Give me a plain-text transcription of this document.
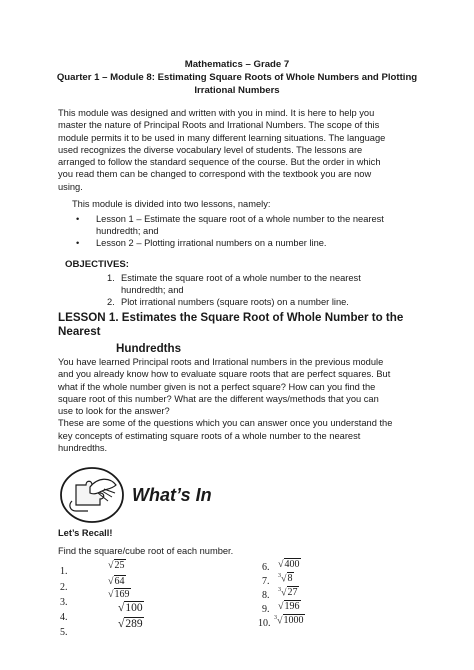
Mathematics – Grade 7
Quarter 1 – Module 8: Estimating Square Roots of Whole Numbers and Plotting
Irrational Numbers
This module was designed and written with you in mind. It is here to help you
master the nature of Principal Roots and Irrational Numbers. The scope of this
module permits it to be used in many different learning situations. The language
used recognizes the diverse vocabulary level of students. The lessons are
arranged to follow the standard sequence of the course. But the order in which
you read them can be changed to correspond with the textbook you are now
using.
This module is divided into two lessons, namely:
• Lesson 1 – Estimate the square root of a whole number to the nearest
hundredth; and
• Lesson 2 – Plotting irrational numbers on a number line.
OBJECTIVES:
1. Estimate the square root of a whole number to the nearest
hundredth; and
2. Plot irrational numbers (square roots) on a number line.
LESSON 1. Estimates the Square Root of Whole Number to the
Nearest
Hundredths
You have learned Principal roots and Irrational numbers in the previous module
and you already know how to evaluate square roots that are perfect squares. But
what if the whole number given is not a perfect square? How can you find the
square root of this number? What are the different ways/methods that you can
use to look for the answer?
These are some of the questions which you can answer once you understand the
key concepts of estimating square roots of a whole number to the nearest
hundredths.
What’s In
Let’s Recall!
Find the square/cube root of each number.
1.
√25
2.
√64
3.
√169
4.
√100
5.
√289
6. √400
7. $^3$√8
8. $^3$√27
9. √196
10. $^3$√1000
